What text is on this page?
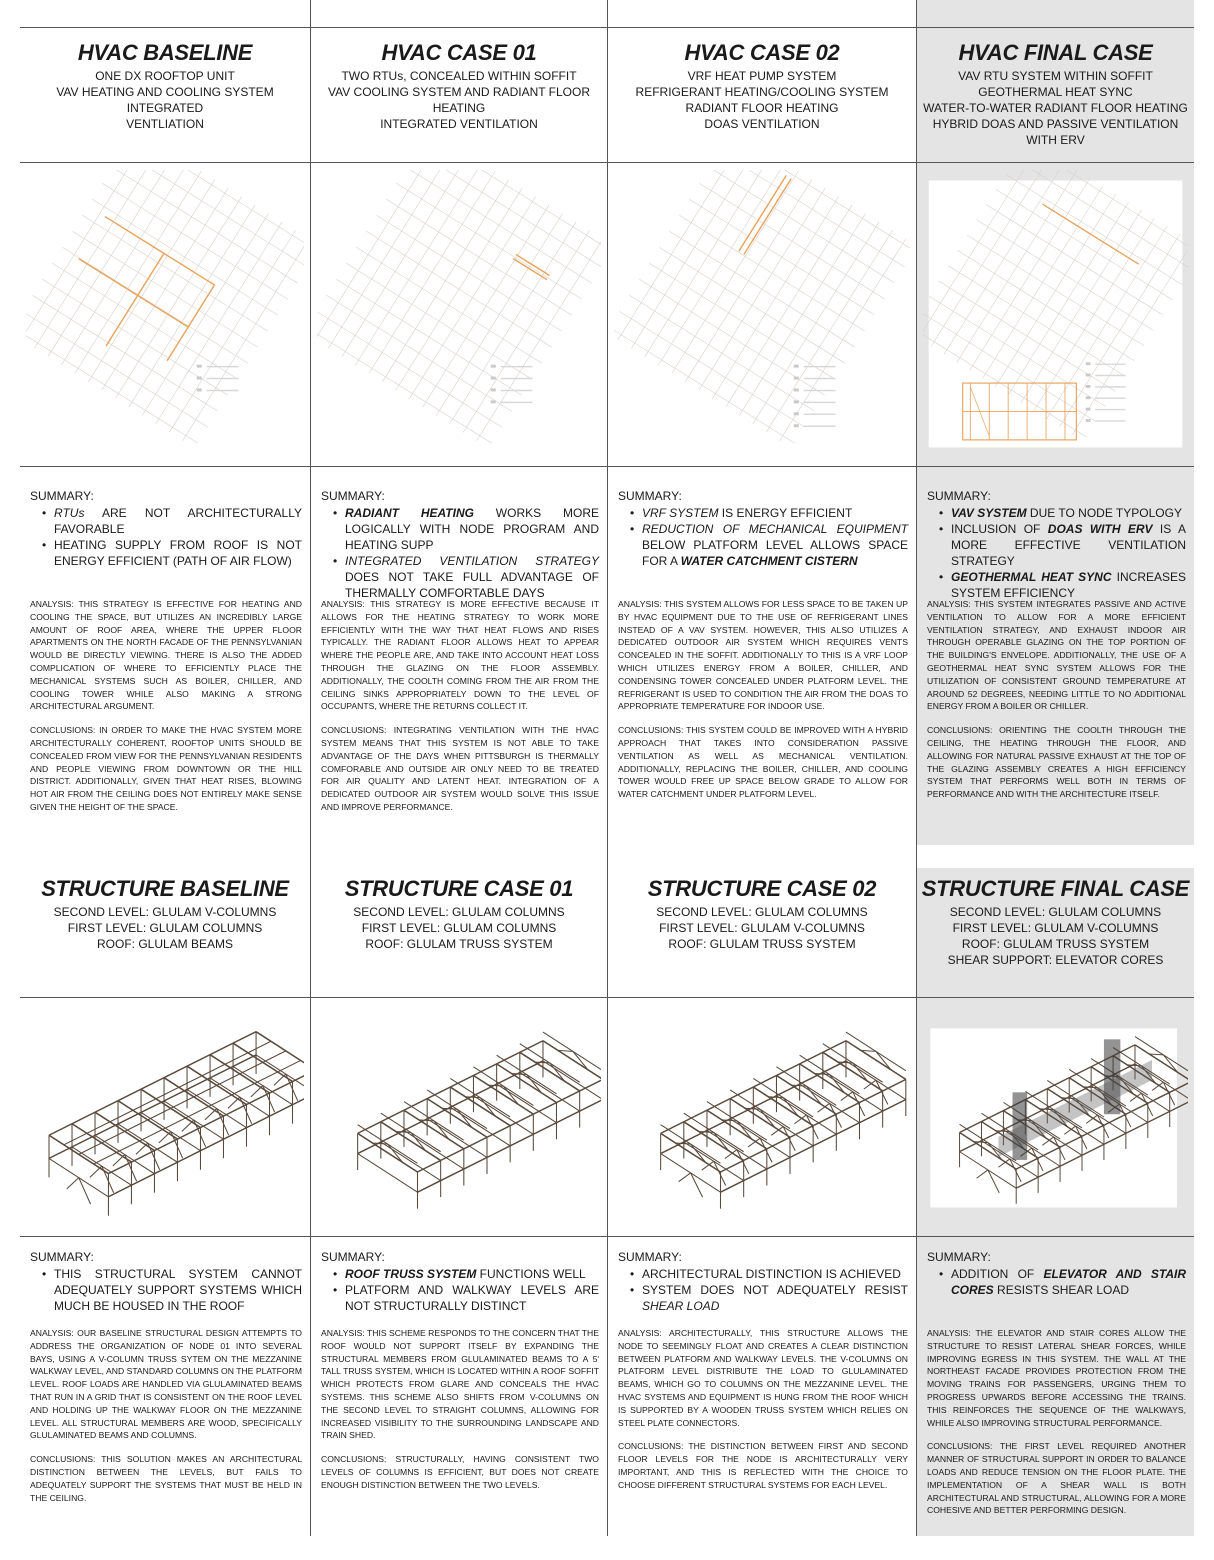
HVAC BASELINE
ONE DX ROOFTOP UNIT
VAV HEATING AND COOLING SYSTEM INTEGRATED
VENTLIATION
SUMMARY:
• RTUs ARE NOT ARCHITECTURALLY FAVORABLE
• HEATING SUPPLY FROM ROOF IS NOT ENERGY EFFICIENT (PATH OF AIR FLOW)

ANALYSIS: THIS STRATEGY IS EFFECTIVE FOR HEATING AND COOLING THE SPACE, BUT UTILIZES AN INCREDIBLY LARGE AMOUNT OF ROOF AREA, WHERE THE UPPER FLOOR APARTMENTS ON THE NORTH FACADE OF THE PENNSYLVANIAN WOULD BE DIRECTLY VIEWING. THERE IS ALSO THE ADDED COMPLICATION OF WHERE TO EFFICIENTLY PLACE THE MECHANICAL SYSTEMS SUCH AS BOILER, CHILLER, AND COOLING TOWER WHILE ALSO MAKING A STRONG ARCHITECTURAL ARGUMENT.

CONCLUSIONS: IN ORDER TO MAKE THE HVAC SYSTEM MORE ARCHITECTURALLY COHERENT, ROOFTOP UNITS SHOULD BE CONCEALED FROM VIEW FOR THE PENNSYLVANIAN RESIDENTS AND PEOPLE VIEWING FROM DOWNTOWN OR THE HILL DISTRICT. ADDITIONALLY, GIVEN THAT HEAT RISES, BLOWING HOT AIR FROM THE CEILING DOES NOT ENTIRELY MAKE SENSE GIVEN THE HEIGHT OF THE SPACE.

HVAC CASE 01
TWO RTUs, CONCEALED WITHIN SOFFIT
VAV COOLING SYSTEM AND RADIANT FLOOR
HEATING
INTEGRATED VENTILATION
SUMMARY:
• RADIANT HEATING WORKS MORE LOGICALLY WITH NODE PROGRAM AND HEATING SUPP
• INTEGRATED VENTILATION STRATEGY DOES NOT TAKE FULL ADVANTAGE OF THERMALLY COMFORTABLE DAYS

ANALYSIS: THIS STRATEGY IS MORE EFFECTIVE BECAUSE IT ALLOWS FOR THE HEATING STRATEGY TO WORK MORE EFFICIENTLY WITH THE WAY THAT HEAT FLOWS AND RISES TYPICALLY. THE RADIANT FLOOR ALLOWS HEAT TO APPEAR WHERE THE PEOPLE ARE, AND TAKE INTO ACCOUNT HEAT LOSS THROUGH THE GLAZING ON THE FLOOR ASSEMBLY. ADDITIONALLY, THE COOLTH COMING FROM THE AIR FROM THE CEILING SINKS APPROPRIATELY DOWN TO THE LEVEL OF OCCUPANTS, WHERE THE RETURNS COLLECT IT.

CONCLUSIONS: INTEGRATING VENTILATION WITH THE HVAC SYSTEM MEANS THAT THIS SYSTEM IS NOT ABLE TO TAKE ADVANTAGE OF THE DAYS WHEN PITTSBURGH IS THERMALLY COMFORABLE AND OUTSIDE AIR ONLY NEED TO BE TREATED FOR AIR QUALITY AND LATENT HEAT. INTEGRATION OF A DEDICATED OUTDOOR AIR SYSTEM WOULD SOLVE THIS ISSUE AND IMPROVE PERFORMANCE.

HVAC CASE 02
VRF HEAT PUMP SYSTEM
REFRIGERANT HEATING/COOLING SYSTEM
RADIANT FLOOR HEATING
DOAS VENTILATION
SUMMARY:
• VRF SYSTEM IS ENERGY EFFICIENT
• REDUCTION OF MECHANICAL EQUIPMENT BELOW PLATFORM LEVEL ALLOWS SPACE FOR A WATER CATCHMENT CISTERN

ANALYSIS: THIS SYSTEM ALLOWS FOR LESS SPACE TO BE TAKEN UP BY HVAC EQUIPMENT DUE TO THE USE OF REFRIGERANT LINES INSTEAD OF A VAV SYSTEM. HOWEVER, THIS ALSO UTILIZES A DEDICATED OUTDOOR AIR SYSTEM WHICH REQUIRES VENTS CONCEALED IN THE SOFFIT. ADDITIONALLY TO THIS IS A VRF LOOP WHICH UTILIZES ENERGY FROM A BOILER, CHILLER, AND CONDENSING TOWER CONCEALED UNDER PLATFORM LEVEL. THE REFRIGERANT IS USED TO CONDITION THE AIR FROM THE DOAS TO APPROPRIATE TEMPERATURE FOR INDOOR USE.

CONCLUSIONS: THIS SYSTEM COULD BE IMPROVED WITH A HYBRID APPROACH THAT TAKES INTO CONSIDERATION PASSIVE VENTILATION AS WELL AS MECHANICAL VENTILATION. ADDITIONALLY, REPLACING THE BOILER, CHILLER, AND COOLING TOWER WOULD FREE UP SPACE BELOW GRADE TO ALLOW FOR WATER CATCHMENT UNDER PLATFORM LEVEL.

HVAC FINAL CASE
VAV RTU SYSTEM WITHIN SOFFIT
GEOTHERMAL HEAT SYNC
WATER-TO-WATER RADIANT FLOOR HEATING
HYBRID DOAS AND PASSIVE VENTILATION
WITH ERV
SUMMARY:
• VAV SYSTEM DUE TO NODE TYPOLOGY
• INCLUSION OF DOAS WITH ERV IS A MORE EFFECTIVE VENTILATION STRATEGY
• GEOTHERMAL HEAT SYNC INCREASES SYSTEM EFFICIENCY

ANALYSIS: THIS SYSTEM INTEGRATES PASSIVE AND ACTIVE VENTILATION TO ALLOW FOR A MORE EFFICIENT VENTILATION STRATEGY, AND EXHAUST INDOOR AIR THROUGH OPERABLE GLAZING ON THE TOP PORTION OF THE BUILDING'S ENVELOPE. ADDITIONALLY, THE USE OF A GEOTHERMAL HEAT SYNC SYSTEM ALLOWS FOR THE UTILIZATION OF CONSISTENT GROUND TEMPERATURE AT AROUND 52 DEGREES, NEEDING LITTLE TO NO ADDITIONAL ENERGY FROM A BOILER OR CHILLER.

CONCLUSIONS: ORIENTING THE COOLTH THROUGH THE CEILING, THE HEATING THROUGH THE FLOOR, AND ALLOWING FOR NATURAL PASSIVE EXHAUST AT THE TOP OF THE GLAZING ASSEMBLY CREATES A HIGH EFFICIENCY SYSTEM THAT PERFORMS WELL BOTH IN TERMS OF PERFORMANCE AND WITH THE ARCHITECTURE ITSELF.

STRUCTURE BASELINE
SECOND LEVEL: GLULAM V-COLUMNS
FIRST LEVEL: GLULAM COLUMNS
ROOF: GLULAM BEAMS
SUMMARY:
• THIS STRUCTURAL SYSTEM CANNOT ADEQUATELY SUPPORT SYSTEMS WHICH MUCH BE HOUSED IN THE ROOF

ANALYSIS: OUR BASELINE STRUCTURAL DESIGN ATTEMPTS TO ADDRESS THE ORGANIZATION OF NODE 01 INTO SEVERAL BAYS, USING A V-COLUMN TRUSS SYTEM ON THE MEZZANINE WALKWAY LEVEL, AND STANDARD COLUMNS ON THE PLATFORM LEVEL. ROOF LOADS ARE HANDLED VIA GLULAMINATED BEAMS THAT RUN IN A GRID THAT IS CONSISTENT ON THE ROOF LEVEL AND HOLDING UP THE WALKWAY FLOOR ON THE MEZZANINE LEVEL. ALL STRUCTURAL MEMBERS ARE WOOD, SPECIFICALLY GLULAMINATED BEAMS AND COLUMNS.

CONCLUSIONS: THIS SOLUTION MAKES AN ARCHITECTURAL DISTINCTION BETWEEN THE LEVELS, BUT FAILS TO ADEQUATELY SUPPORT THE SYSTEMS THAT MUST BE HELD IN THE CEILING.

STRUCTURE CASE 01
SECOND LEVEL: GLULAM COLUMNS
FIRST LEVEL: GLULAM COLUMNS
ROOF: GLULAM TRUSS SYSTEM
SUMMARY:
• ROOF TRUSS SYSTEM FUNCTIONS WELL
• PLATFORM AND WALKWAY LEVELS ARE NOT STRUCTURALLY DISTINCT

ANALYSIS: THIS SCHEME RESPONDS TO THE CONCERN THAT THE ROOF WOULD NOT SUPPORT ITSELF BY EXPANDING THE STRUCTURAL MEMBERS FROM GLULAMINATED BEAMS TO A 5' TALL TRUSS SYSTEM, WHICH IS LOCATED WITHIN A ROOF SOFFIT WHICH PROTECTS FROM GLARE AND CONCEALS THE HVAC SYSTEMS. THIS SCHEME ALSO SHIFTS FROM V-COLUMNS ON THE SECOND LEVEL TO STRAIGHT COLUMNS, ALLOWING FOR INCREASED VISIBILITY TO THE SURROUNDING LANDSCAPE AND TRAIN SHED.

CONCLUSIONS: STRUCTURALLY, HAVING CONSISTENT TWO LEVELS OF COLUMNS IS EFFICIENT, BUT DOES NOT CREATE ENOUGH DISTINCTION BETWEEN THE TWO LEVELS.

STRUCTURE CASE 02
SECOND LEVEL: GLULAM COLUMNS
FIRST LEVEL: GLULAM V-COLUMNS
ROOF: GLULAM TRUSS SYSTEM
SUMMARY:
• ARCHITECTURAL DISTINCTION IS ACHIEVED
• SYSTEM DOES NOT ADEQUATELY RESIST SHEAR LOAD

ANALYSIS: ARCHITECTURALLY, THIS STRUCTURE ALLOWS THE NODE TO SEEMINGLY FLOAT AND CREATES A CLEAR DISTINCTION BETWEEN PLATFORM AND WALKWAY LEVELS. THE V-COLUMNS ON PLATFORM LEVEL DISTRIBUTE THE LOAD TO GLULAMINATED BEAMS, WHICH GO TO COLUMNS ON THE MEZZANINE LEVEL. THE HVAC SYSTEMS AND EQUIPMENT IS HUNG FROM THE ROOF WHICH IS SUPPORTED BY A WOODEN TRUSS SYSTEM WHICH RELIES ON STEEL PLATE CONNECTORS.

CONCLUSIONS: THE DISTINCTION BETWEEN FIRST AND SECOND FLOOR LEVELS FOR THE NODE IS ARCHITECTURALLY VERY IMPORTANT, AND THIS IS REFLECTED WITH THE CHOICE TO CHOOSE DIFFERENT STRUCTURAL SYSTEMS FOR EACH LEVEL.

STRUCTURE FINAL CASE
SECOND LEVEL: GLULAM COLUMNS
FIRST LEVEL: GLULAM V-COLUMNS
ROOF: GLULAM TRUSS SYSTEM
SHEAR SUPPORT: ELEVATOR CORES
SUMMARY:
• ADDITION OF ELEVATOR AND STAIR CORES RESISTS SHEAR LOAD

ANALYSIS: THE ELEVATOR AND STAIR CORES ALLOW THE STRUCTURE TO RESIST LATERAL SHEAR FORCES, WHILE IMPROVING EGRESS IN THIS SYSTEM. THE WALL AT THE NORTHEAST FACADE PROVIDES PROTECTION FROM THE MOVING TRAINS FOR PASSENGERS, URGING THEM TO PROGRESS UPWARDS BEFORE ACCESSING THE TRAINS. THIS REINFORCES THE SEQUENCE OF THE WALKWAYS, WHILE ALSO IMPROVING STRUCTURAL PERFORMANCE.

CONCLUSIONS: THE FIRST LEVEL REQUIRED ANOTHER MANNER OF STRUCTURAL SUPPORT IN ORDER TO BALANCE LOADS AND REDUCE TENSION ON THE FLOOR PLATE. THE IMPLEMENTATION OF A SHEAR WALL IS BOTH ARCHITECTURAL AND STRUCTURAL, ALLOWING FOR A MORE COHESIVE AND BETTER PERFORMING DESIGN.
